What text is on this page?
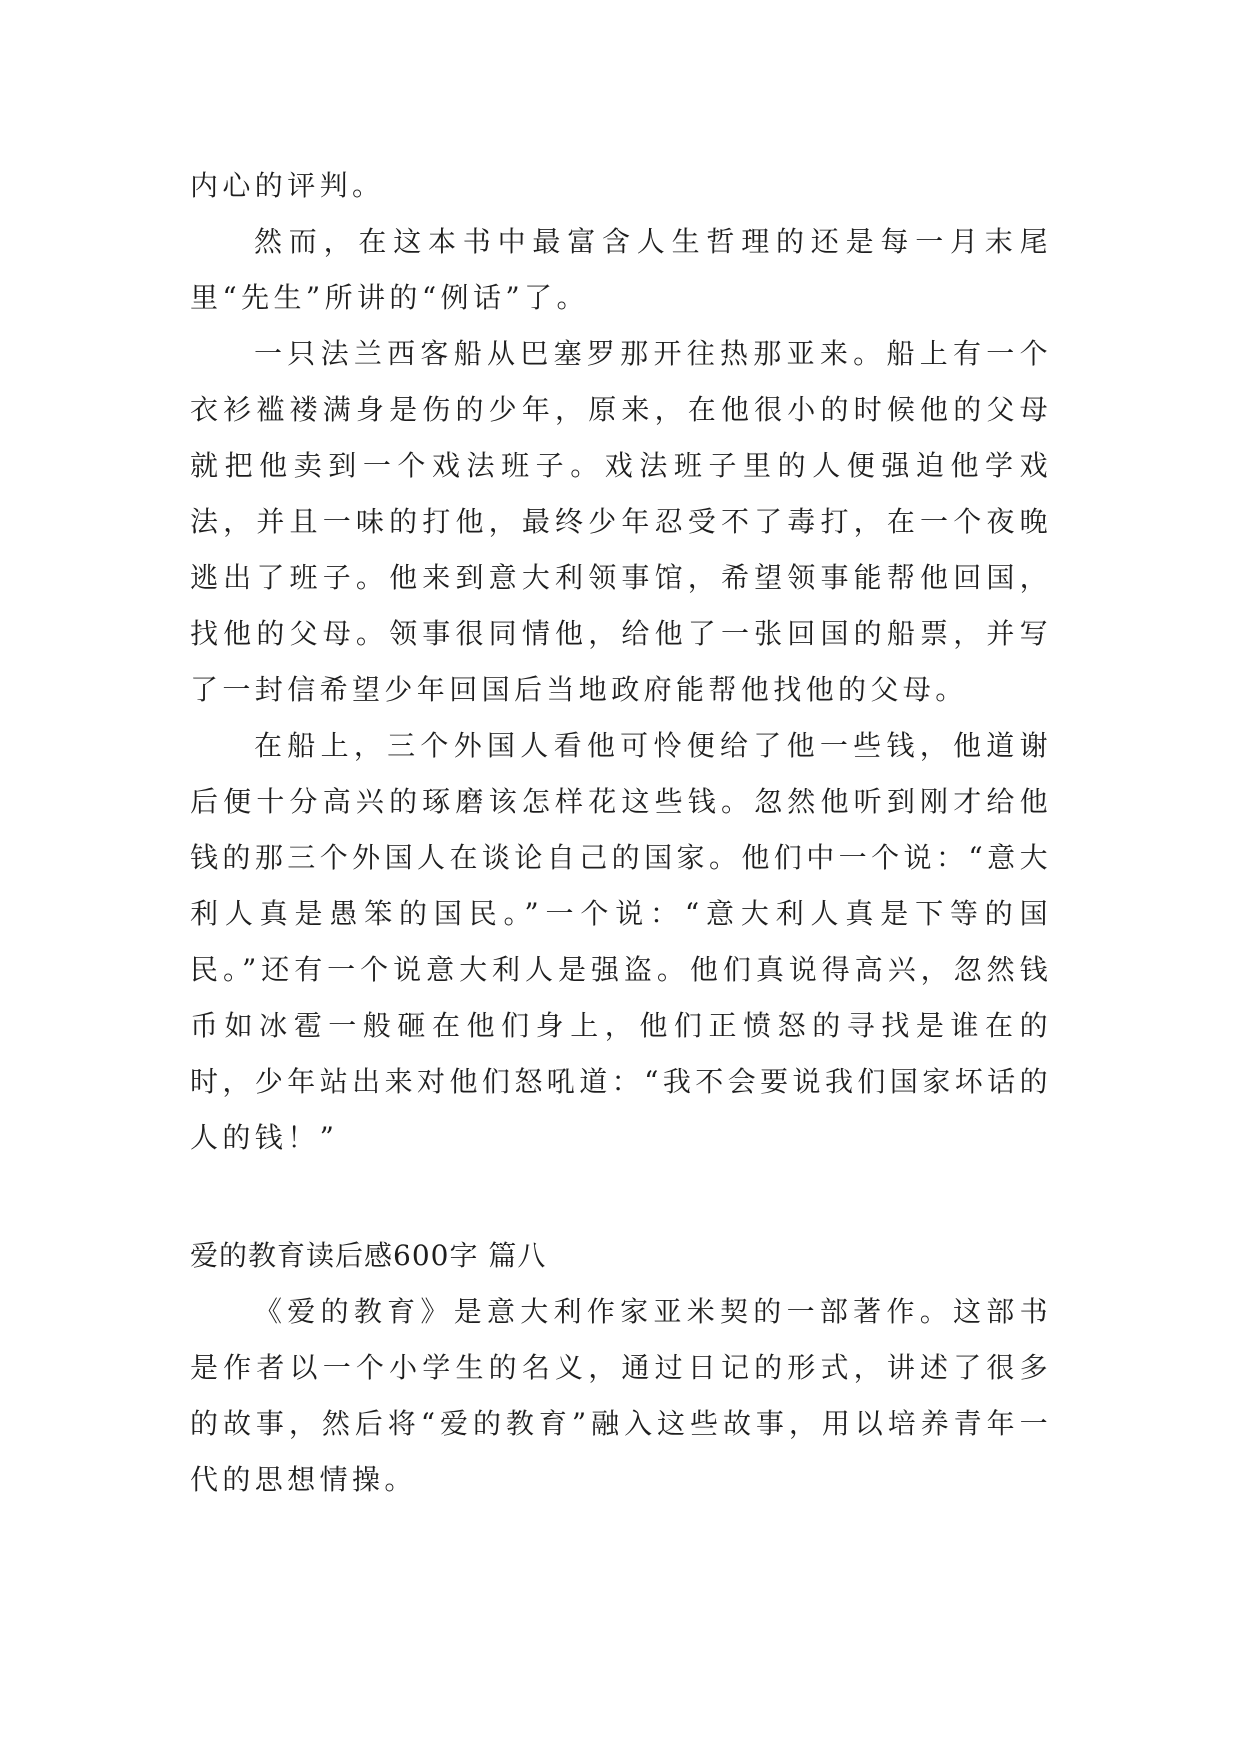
内心的评判。

然而，在这本书中最富含人生哲理的还是每一月末尾里“先生”所讲的“例话”了。

一只法兰西客船从巴塞罗那开往热那亚来。船上有一个衣衫褴褛满身是伤的少年，原来，在他很小的时候他的父母就把他卖到一个戏法班子。戏法班子里的人便强迫他学戏法，并且一味的打他，最终少年忍受不了毒打，在一个夜晚逃出了班子。他来到意大利领事馆，希望领事能帮他回国，找他的父母。领事很同情他，给他了一张回国的船票，并写了一封信希望少年回国后当地政府能帮他找他的父母。

在船上，三个外国人看他可怜便给了他一些钱，他道谢后便十分高兴的琢磨该怎样花这些钱。忽然他听到刚才给他钱的那三个外国人在谈论自己的国家。他们中一个说：“意大利人真是愚笨的国民。”一个说：“意大利人真是下等的国民。”还有一个说意大利人是强盗。他们真说得高兴，忽然钱币如冰雹一般砸在他们身上，他们正愤怒的寻找是谁在的时，少年站出来对他们怒吼道：“我不会要说我们国家坏话的人的钱！”

爱的教育读后感600字 篇八

《爱的教育》是意大利作家亚米契的一部著作。这部书是作者以一个小学生的名义，通过日记的形式，讲述了很多的故事，然后将“爱的教育”融入这些故事，用以培养青年一代的思想情操。
